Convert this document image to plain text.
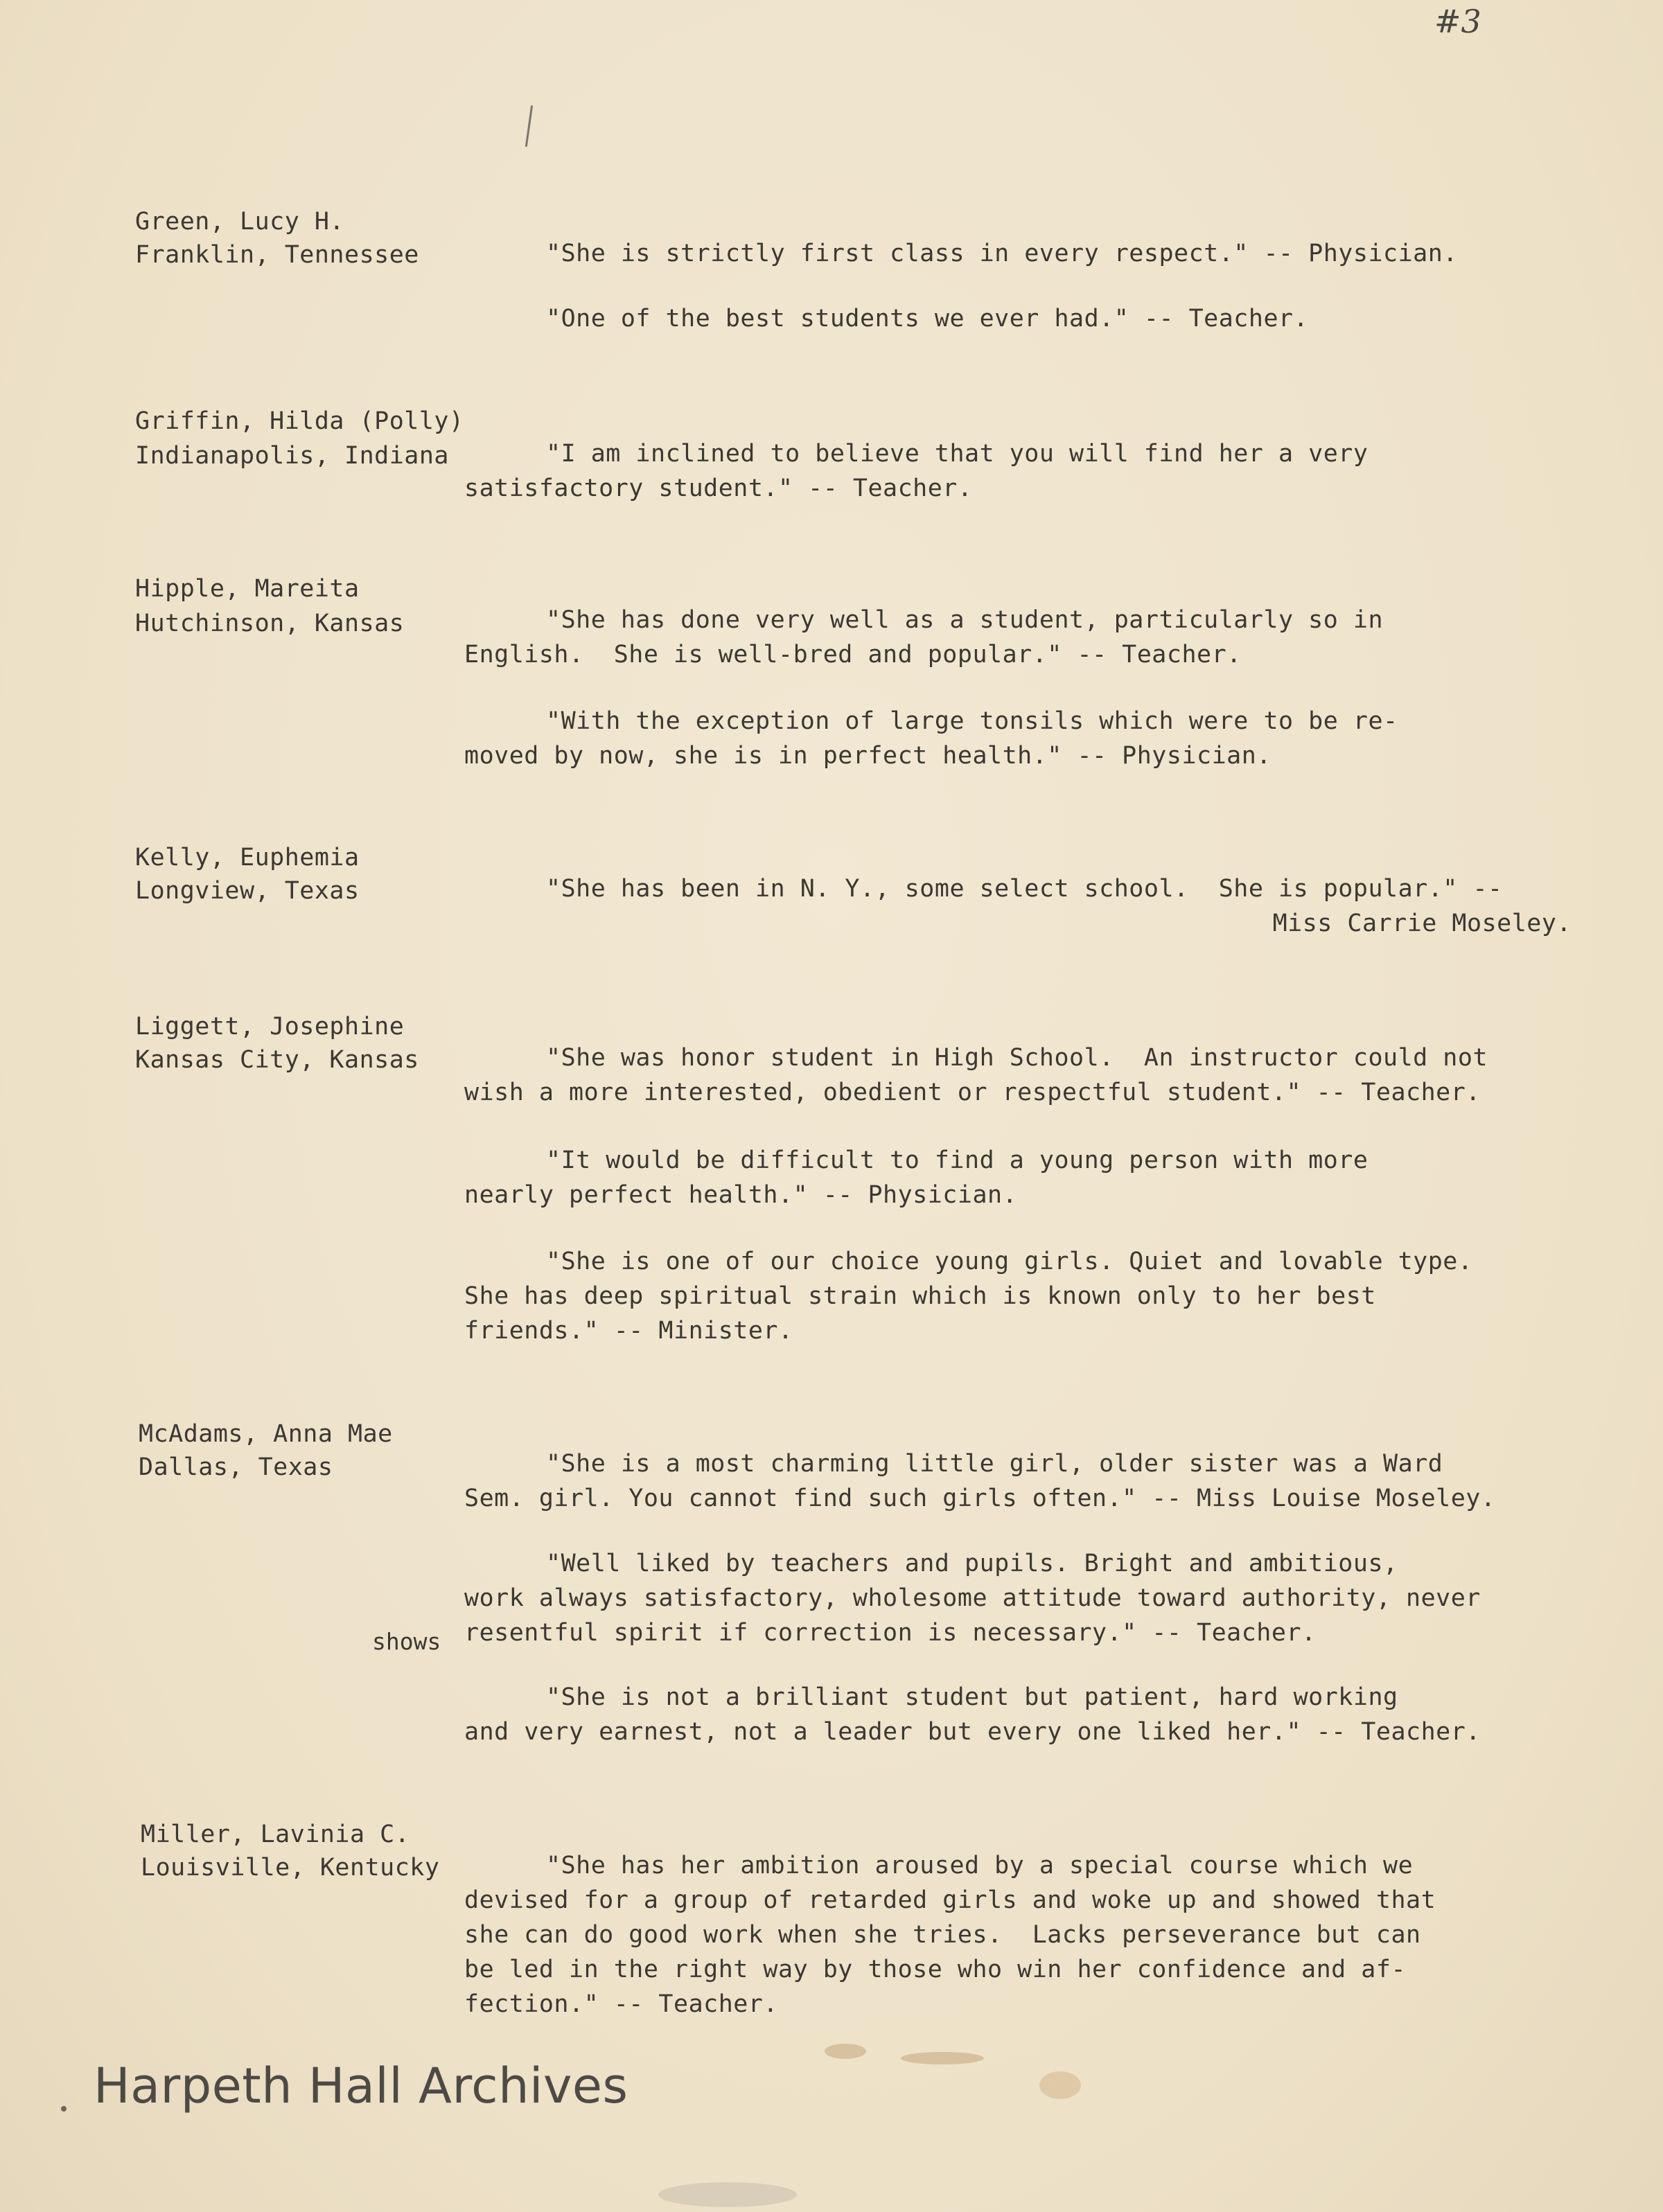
#3
Green, Lucy H.
Franklin, Tennessee	"She is strictly first class in every respect." -- Physician.
"One of the best students we ever had." -- Teacher.
Griffin, Hilda (Polly)
Indianapolis, Indiana	"I am inclined to believe that you will find her a very
satisfactory student." -- Teacher.
Hipple, Mareita
Hutchinson, Kansas	"She has done very well as a student, particularly so in
English.  She is well-bred and popular." -- Teacher.
"With the exception of large tonsils which were to be re-
moved by now, she is in perfect health." -- Physician.
Kelly, Euphemia
Longview, Texas	"She has been in N. Y., some select school.  She is popular." --
Miss Carrie Moseley.
Liggett, Josephine
Kansas City, Kansas	"She was honor student in High School.  An instructor could not
wish a more interested, obedient or respectful student." -- Teacher.
"It would be difficult to find a young person with more
nearly perfect health." -- Physician.
"She is one of our choice young girls. Quiet and lovable type.
She has deep spiritual strain which is known only to her best
friends." -- Minister.
McAdams, Anna Mae
Dallas, Texas	"She is a most charming little girl, older sister was a Ward
Sem. girl. You cannot find such girls often." -- Miss Louise Moseley.
"Well liked by teachers and pupils. Bright and ambitious,
work always satisfactory, wholesome attitude toward authority, never
resentful spirit if correction is necessary." -- Teacher.
shows
"She is not a brilliant student but patient, hard working
and very earnest, not a leader but every one liked her." -- Teacher.
Miller, Lavinia C.
Louisville, Kentucky	"She has her ambition aroused by a special course which we
devised for a group of retarded girls and woke up and showed that
she can do good work when she tries.  Lacks perseverance but can
be led in the right way by those who win her confidence and af-
fection." -- Teacher.
Harpeth Hall Archives
